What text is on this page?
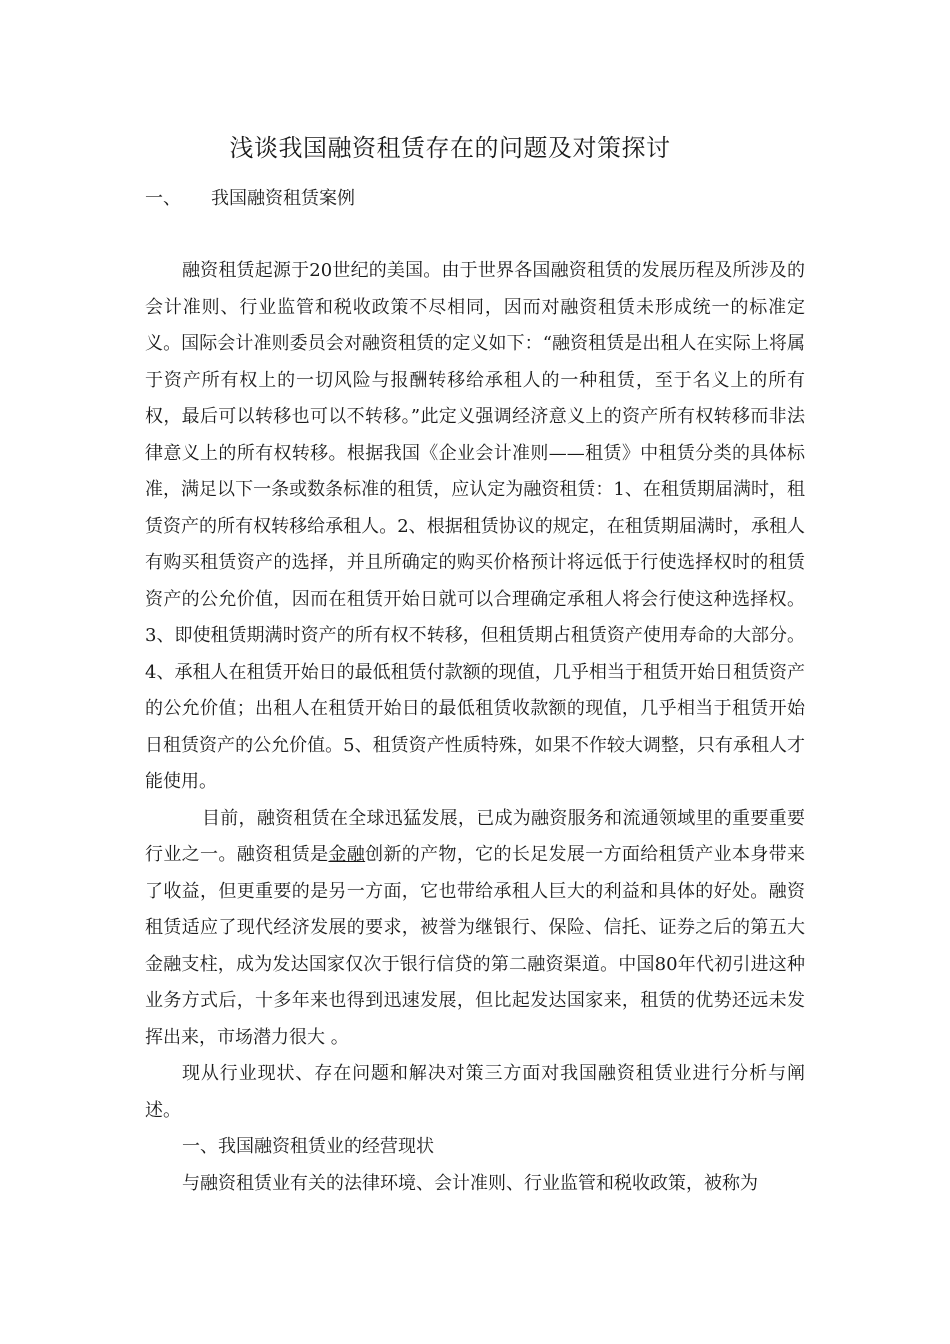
浅谈我国融资租赁存在的问题及对策探讨
一、 我国融资租赁案例

融资租赁起源于20世纪的美国。由于世界各国融资租赁的发展历程及所涉及的会计准则、行业监管和税收政策不尽相同，因而对融资租赁未形成统一的标准定义。国际会计准则委员会对融资租赁的定义如下：“融资租赁是出租人在实际上将属于资产所有权上的一切风险与报酬转移给承租人的一种租赁，至于名义上的所有权，最后可以转移也可以不转移。”此定义强调经济意义上的资产所有权转移而非法律意义上的所有权转移。根据我国《企业会计准则——租赁》中租赁分类的具体标准，满足以下一条或数条标准的租赁，应认定为融资租赁：1、在租赁期届满时，租赁资产的所有权转移给承租人。2、根据租赁协议的规定，在租赁期届满时，承租人有购买租赁资产的选择，并且所确定的购买价格预计将远低于行使选择权时的租赁资产的公允价值，因而在租赁开始日就可以合理确定承租人将会行使这种选择权。3、即使租赁期满时资产的所有权不转移，但租赁期占租赁资产使用寿命的大部分。4、承租人在租赁开始日的最低租赁付款额的现值，几乎相当于租赁开始日租赁资产的公允价值；出租人在租赁开始日的最低租赁收款额的现值，几乎相当于租赁开始日租赁资产的公允价值。5、租赁资产性质特殊，如果不作较大调整，只有承租人才能使用。

目前，融资租赁在全球迅猛发展，已成为融资服务和流通领域里的重要重要行业之一。融资租赁是金融创新的产物，它的长足发展一方面给租赁产业本身带来了收益，但更重要的是另一方面，它也带给承租人巨大的利益和具体的好处。融资租赁适应了现代经济发展的要求，被誉为继银行、保险、信托、证券之后的第五大金融支柱，成为发达国家仅次于银行信贷的第二融资渠道。中国80年代初引进这种业务方式后，十多年来也得到迅速发展，但比起发达国家来，租赁的优势还远未发挥出来，市场潜力很大 。

现从行业现状、存在问题和解决对策三方面对我国融资租赁业进行分析与阐述。

一、我国融资租赁业的经营现状

与融资租赁业有关的法律环境、会计准则、行业监管和税收政策，被称为
